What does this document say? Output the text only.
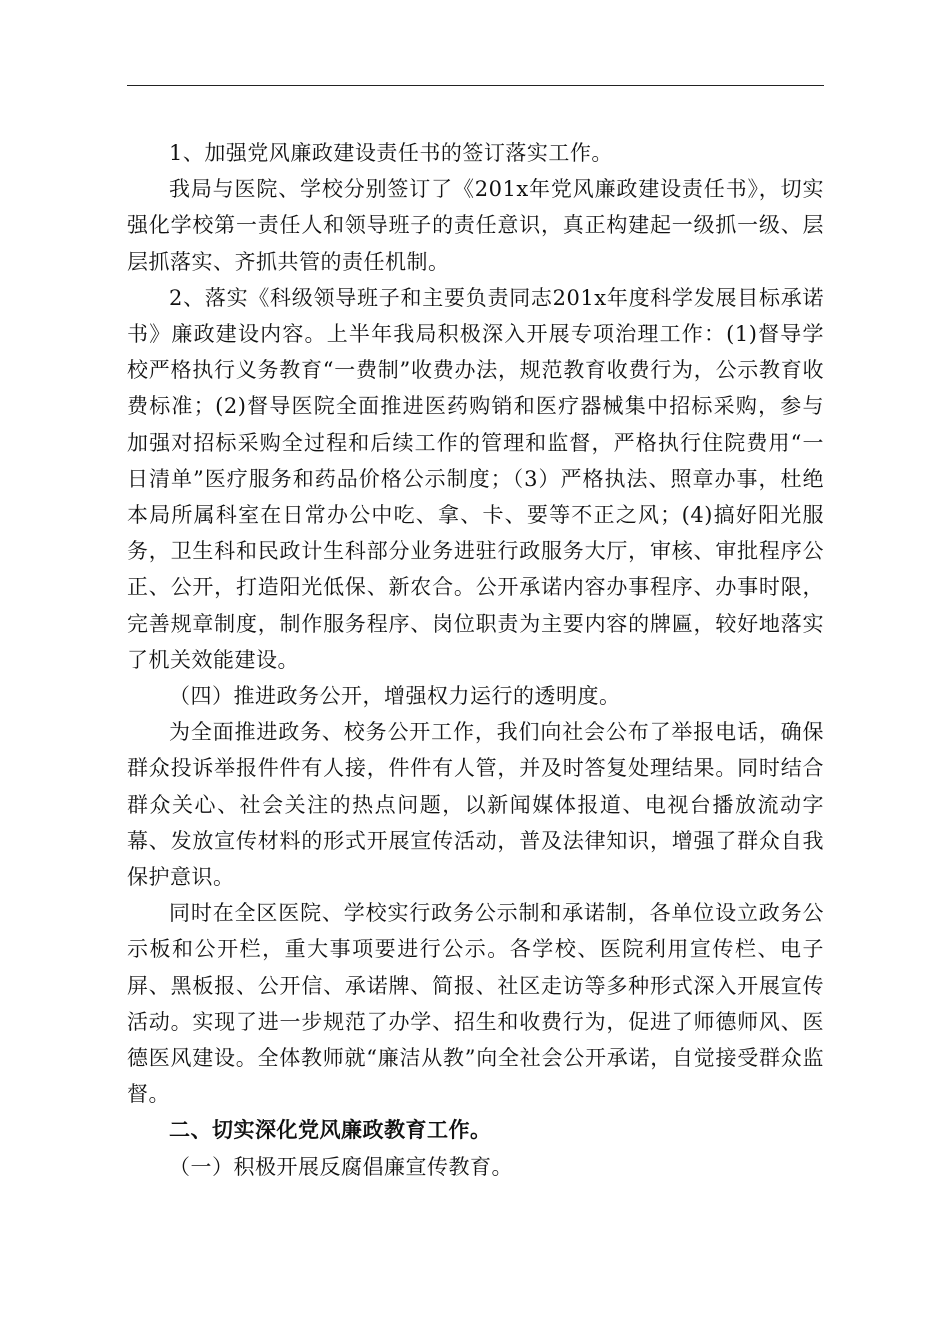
1、加强党风廉政建设责任书的签订落实工作。

我局与医院、学校分别签订了《201x年党风廉政建设责任书》，切实强化学校第一责任人和领导班子的责任意识，真正构建起一级抓一级、层层抓落实、齐抓共管的责任机制。

2、落实《科级领导班子和主要负责同志201x年度科学发展目标承诺书》廉政建设内容。上半年我局积极深入开展专项治理工作：(1)督导学校严格执行义务教育“一费制”收费办法，规范教育收费行为，公示教育收费标准；(2)督导医院全面推进医药购销和医疗器械集中招标采购，参与加强对招标采购全过程和后续工作的管理和监督，严格执行住院费用“一日清单”医疗服务和药品价格公示制度；（3）严格执法、照章办事，杜绝本局所属科室在日常办公中吃、拿、卡、要等不正之风；(4)搞好阳光服务，卫生科和民政计生科部分业务进驻行政服务大厅，审核、审批程序公正、公开，打造阳光低保、新农合。公开承诺内容办事程序、办事时限，完善规章制度，制作服务程序、岗位职责为主要内容的牌匾，较好地落实了机关效能建设。

（四）推进政务公开，增强权力运行的透明度。

为全面推进政务、校务公开工作，我们向社会公布了举报电话，确保群众投诉举报件件有人接，件件有人管，并及时答复处理结果。同时结合群众关心、社会关注的热点问题，以新闻媒体报道、电视台播放流动字幕、发放宣传材料的形式开展宣传活动，普及法律知识，增强了群众自我保护意识。

同时在全区医院、学校实行政务公示制和承诺制，各单位设立政务公示板和公开栏，重大事项要进行公示。各学校、医院利用宣传栏、电子屏、黑板报、公开信、承诺牌、简报、社区走访等多种形式深入开展宣传活动。实现了进一步规范了办学、招生和收费行为，促进了师德师风、医德医风建设。全体教师就“廉洁从教”向全社会公开承诺，自觉接受群众监督。

二、切实深化党风廉政教育工作。

（一）积极开展反腐倡廉宣传教育。
